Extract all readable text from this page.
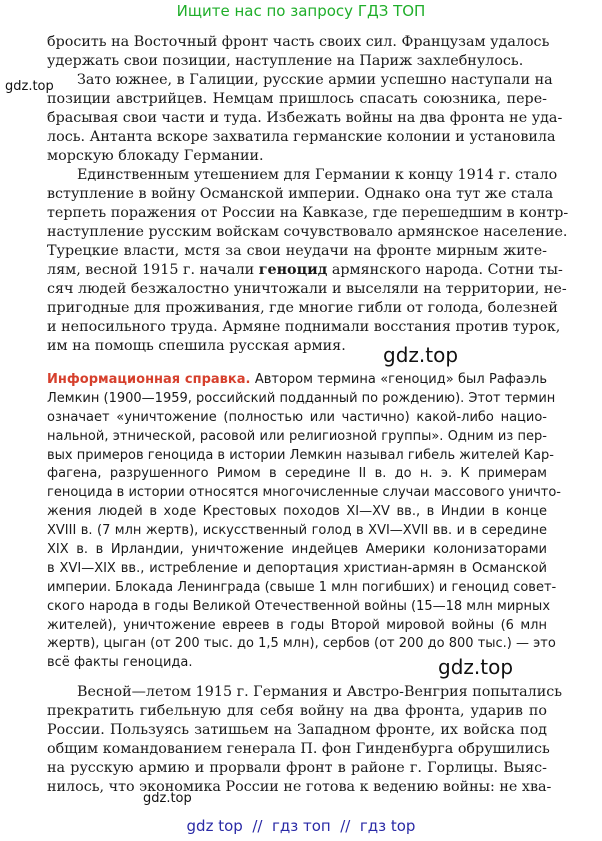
Ищите нас по запросу ГДЗ ТОП
gdz.top
gdz.top
gdz.top
gdz.top
бросить на Восточный фронт часть своих сил. Французам удалось
удержать свои позиции, наступление на Париж захлебнулось.
Зато южнее, в Галиции, русские армии успешно наступали на
позиции австрийцев. Немцам пришлось спасать союзника, пере-
брасывая свои части и туда. Избежать войны на два фронта не уда-
лось. Антанта вскоре захватила германские колонии и установила
морскую блокаду Германии.
Единственным утешением для Германии к концу 1914 г. стало
вступление в войну Османской империи. Однако она тут же стала
терпеть поражения от России на Кавказе, где перешедшим в контр-
наступление русским войскам сочувствовало армянское население.
Турецкие власти, мстя за свои неудачи на фронте мирным жите-
лям, весной 1915 г. начали геноцид армянского народа. Сотни ты-
сяч людей безжалостно уничтожали и выселяли на территории, не-
пригодные для проживания, где многие гибли от голода, болезней
и непосильного труда. Армяне поднимали восстания против турок,
им на помощь спешила русская армия.
Информационная справка. Автором термина «геноцид» был Рафаэль
Лемкин (1900—1959, российский подданный по рождению). Этот термин
означает «уничтожение (полностью или частично) какой-либо нацио-
нальной, этнической, расовой или религиозной группы». Одним из пер-
вых примеров геноцида в истории Лемкин называл гибель жителей Кар-
фагена, разрушенного Римом в середине II в. до н. э. К примерам
геноцида в истории относятся многочисленные случаи массового уничто-
жения людей в ходе Крестовых походов XI—XV вв., в Индии в конце
XVIII в. (7 млн жертв), искусственный голод в XVI—XVII вв. и в середине
XIX в. в Ирландии, уничтожение индейцев Америки колонизаторами
в XVI—XIX вв., истребление и депортация христиан-армян в Османской
империи. Блокада Ленинграда (свыше 1 млн погибших) и геноцид совет-
ского народа в годы Великой Отечественной войны (15—18 млн мирных
жителей), уничтожение евреев в годы Второй мировой войны (6 млн
жертв), цыган (от 200 тыс. до 1,5 млн), сербов (от 200 до 800 тыс.) — это
всё факты геноцида.
Весной—летом 1915 г. Германия и Австро-Венгрия попытались
прекратить гибельную для себя войну на два фронта, ударив по
России. Пользуясь затишьем на Западном фронте, их войска под
общим командованием генерала П. фон Гинденбурга обрушились
на русскую армию и прорвали фронт в районе г. Горлицы. Выяс-
нилось, что экономика России не готова к ведению войны: не хва-
gdz top  //  гдз топ  //  гдз top
